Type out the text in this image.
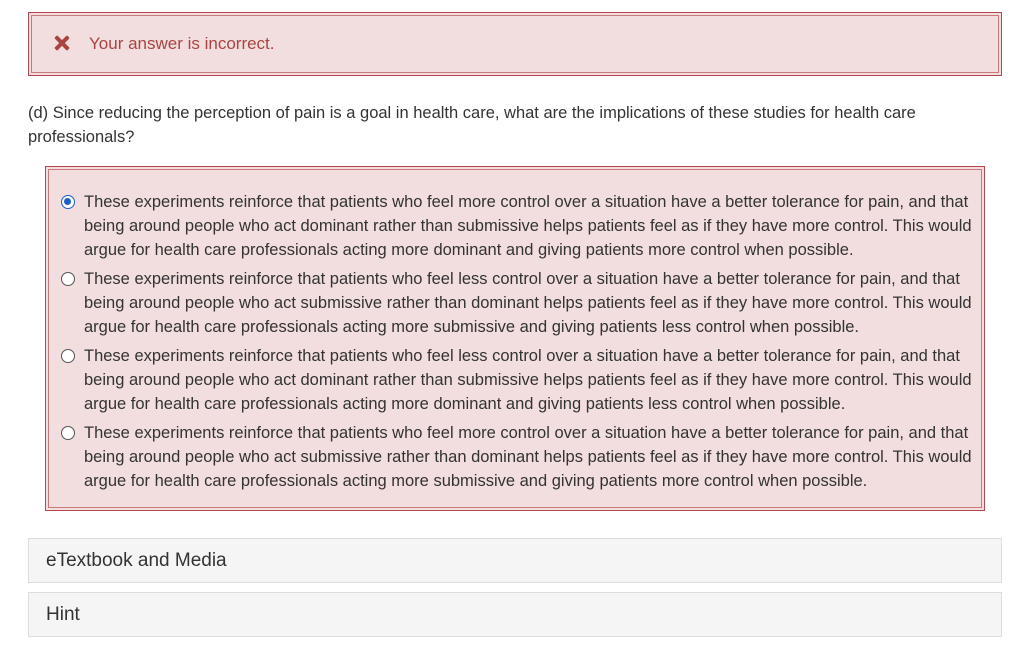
Your answer is incorrect.
(d) Since reducing the perception of pain is a goal in health care, what are the implications of these studies for health care professionals?
These experiments reinforce that patients who feel more control over a situation have a better tolerance for pain, and that being around people who act dominant rather than submissive helps patients feel as if they have more control. This would argue for health care professionals acting more dominant and giving patients more control when possible.
These experiments reinforce that patients who feel less control over a situation have a better tolerance for pain, and that being around people who act submissive rather than dominant helps patients feel as if they have more control. This would argue for health care professionals acting more submissive and giving patients less control when possible.
These experiments reinforce that patients who feel less control over a situation have a better tolerance for pain, and that being around people who act dominant rather than submissive helps patients feel as if they have more control. This would argue for health care professionals acting more dominant and giving patients less control when possible.
These experiments reinforce that patients who feel more control over a situation have a better tolerance for pain, and that being around people who act submissive rather than dominant helps patients feel as if they have more control. This would argue for health care professionals acting more submissive and giving patients more control when possible.
eTextbook and Media
Hint
